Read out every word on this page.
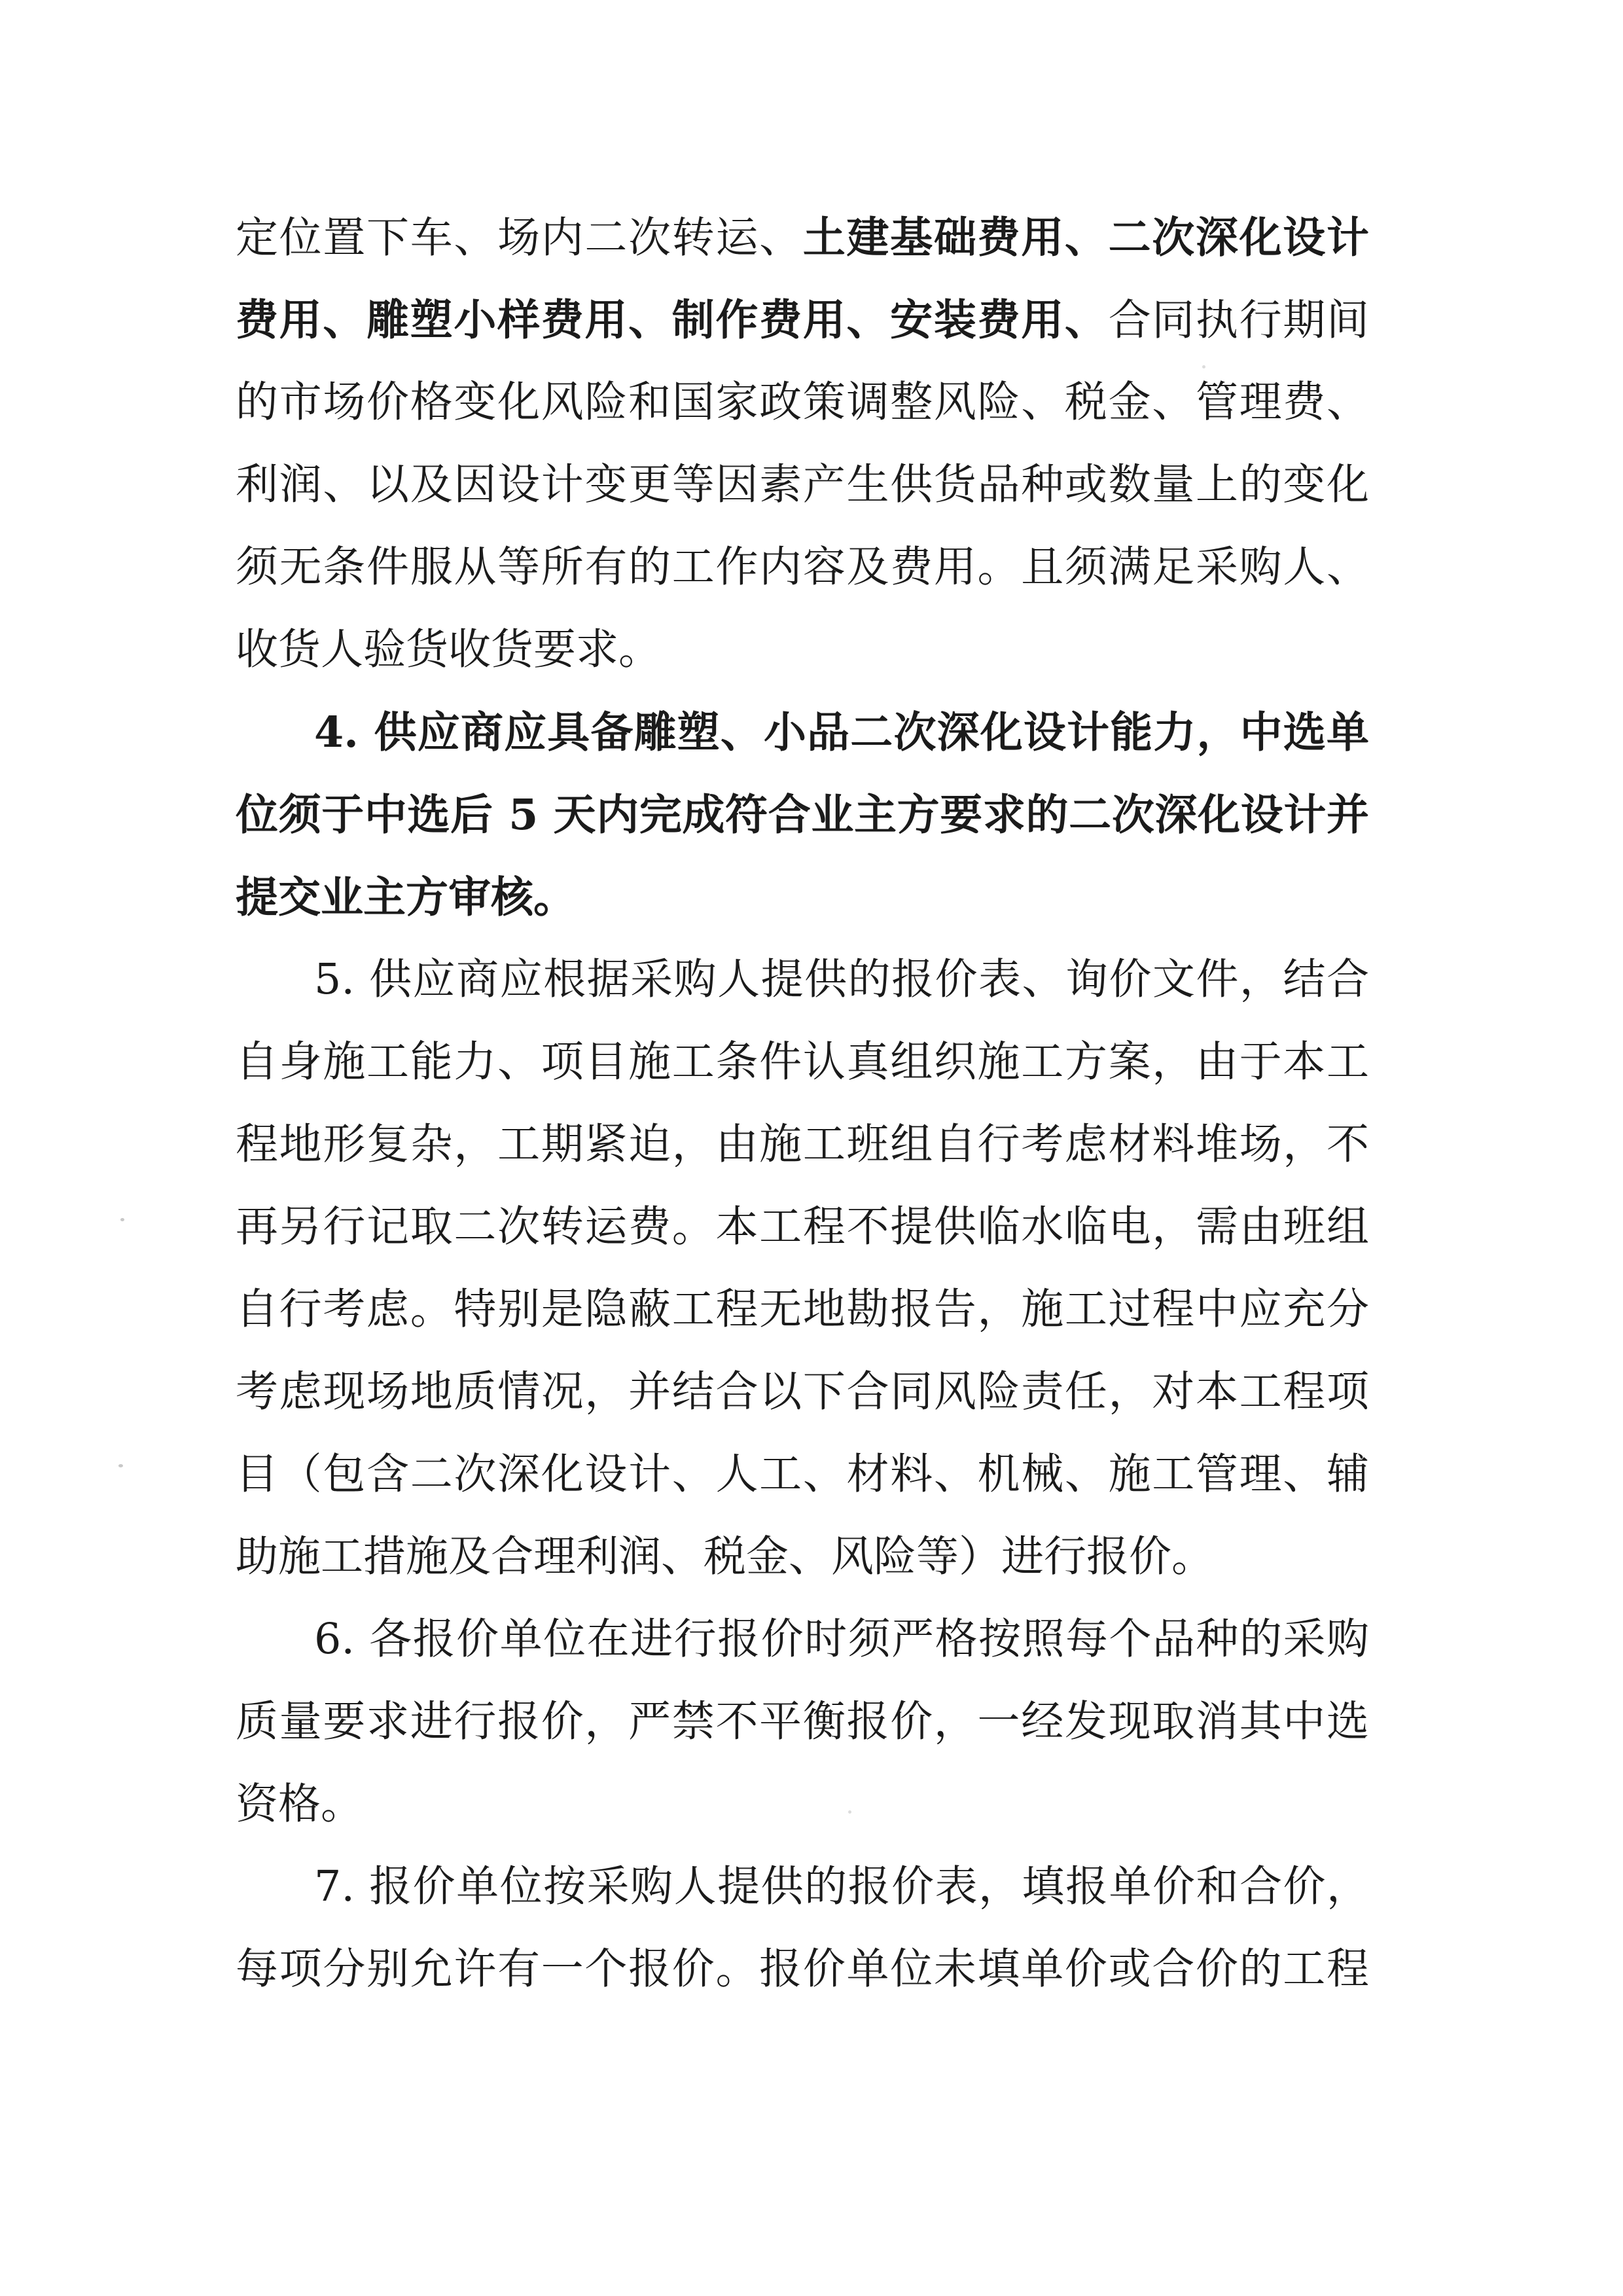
定位置下车、场内二次转运、土建基础费用、二次深化设计
费用、雕塑小样费用、制作费用、安装费用、合同执行期间
的市场价格变化风险和国家政策调整风险、税金、管理费、
利润、以及因设计变更等因素产生供货品种或数量上的变化
须无条件服从等所有的工作内容及费用。且须满足采购人、
收货人验货收货要求。
4. 供应商应具备雕塑、小品二次深化设计能力，中选单
位须于中选后 5 天内完成符合业主方要求的二次深化设计并
提交业主方审核。
5. 供应商应根据采购人提供的报价表、询价文件，结合
自身施工能力、项目施工条件认真组织施工方案，由于本工
程地形复杂，工期紧迫，由施工班组自行考虑材料堆场，不
再另行记取二次转运费。本工程不提供临水临电，需由班组
自行考虑。特别是隐蔽工程无地勘报告，施工过程中应充分
考虑现场地质情况，并结合以下合同风险责任，对本工程项
目（包含二次深化设计、人工、材料、机械、施工管理、辅
助施工措施及合理利润、税金、风险等）进行报价。
6. 各报价单位在进行报价时须严格按照每个品种的采购
质量要求进行报价，严禁不平衡报价，一经发现取消其中选
资格。
7. 报价单位按采购人提供的报价表，填报单价和合价，
每项分别允许有一个报价。报价单位未填单价或合价的工程
